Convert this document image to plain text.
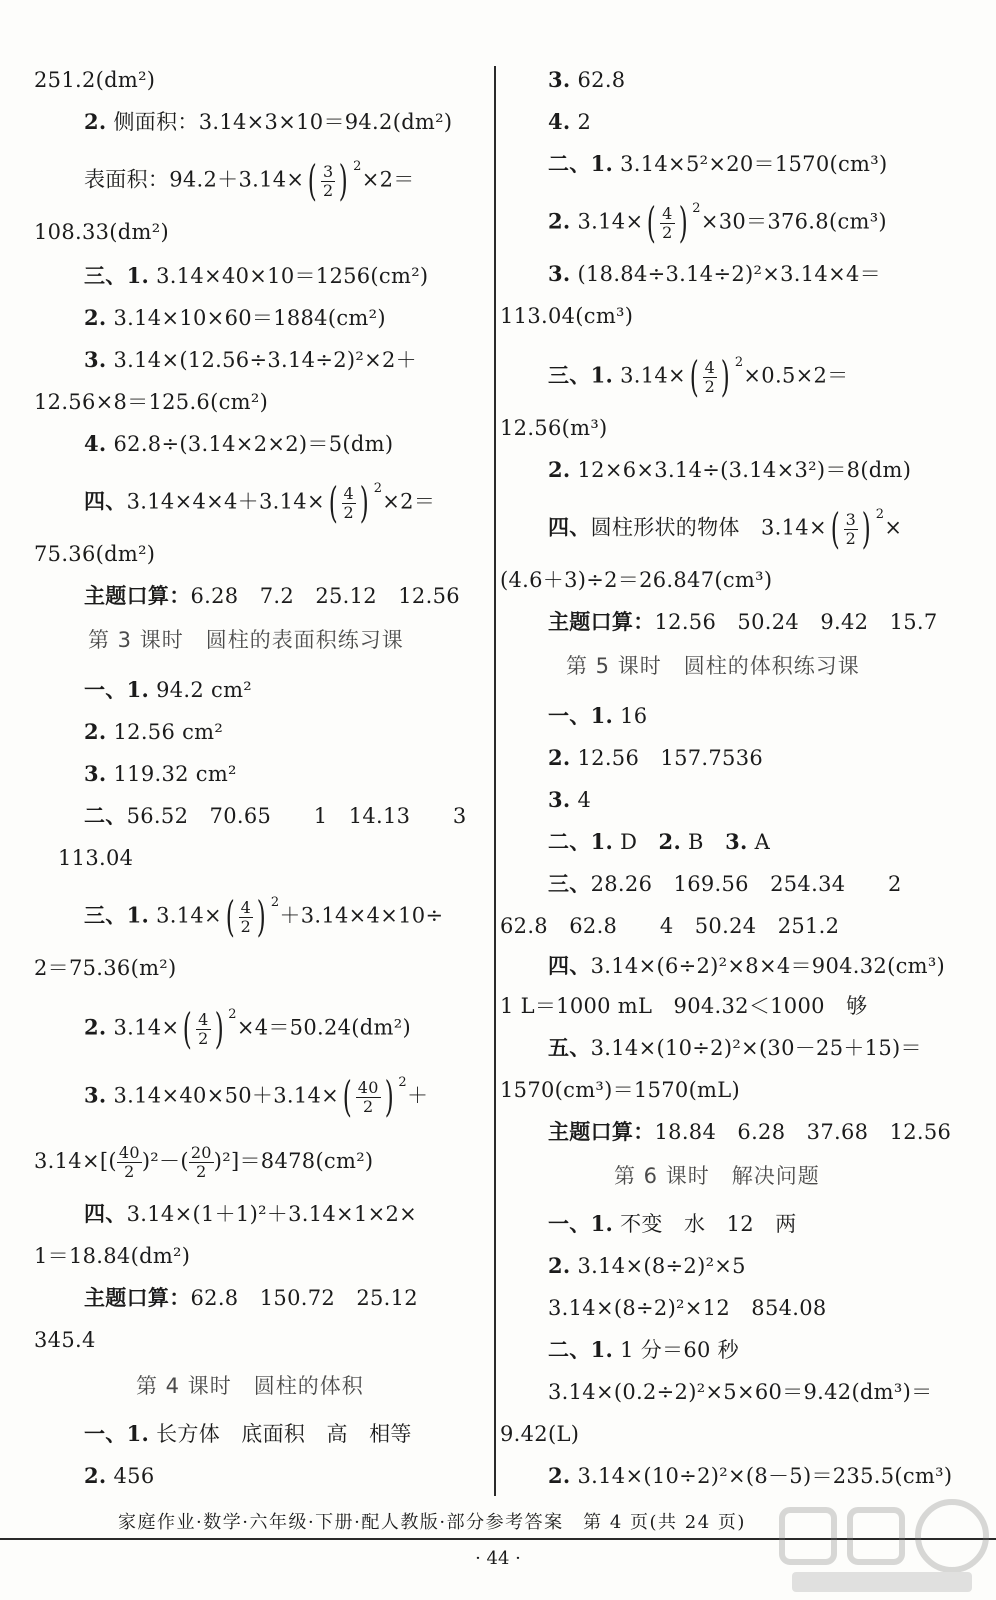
251.2(dm²)
2. 侧面积：3.14×3×10＝94.2(dm²)
表面积：94.2＋3.14× ( 3
2 ) $^2$
×2＝
108.33(dm²)
三、1. 3.14×40×10＝1256(cm²)
2. 3.14×10×60＝1884(cm²)
3. 3.14×(12.56÷3.14÷2)²×2＋
12.56×8＝125.6(cm²)
4. 62.8÷(3.14×2×2)＝5(dm)
四、3.14×4×4＋3.14× ( 4
2 ) $^2$
×2＝
75.36(dm²)
主题口算：6.28　7.2　25.12　12.56
第 3 课时　圆柱的表面积练习课
一、1. 94.2 cm²
2. 12.56 cm²
3. 119.32 cm²
二、56.52　70.65　　1　14.13　　3
113.04
三、1. 3.14× ( 4
2 ) $^2$
＋3.14×4×10÷
2＝75.36(m²)
2. 3.14× ( 4
2 ) $^2$
×4＝50.24(dm²)
3. 3.14×40×50＋3.14× ( 40
2 ) $^2$
＋
3.14×[( 40
2 )²－( 20
2 )²]＝8478(cm²)
四、3.14×(1＋1)²＋3.14×1×2×
1＝18.84(dm²)
主题口算：62.8　150.72　25.12
345.4
第 4 课时　圆柱的体积
一、1. 长方体　底面积　高　相等
2. 456
3. 62.8
4. 2
二、1. 3.14×5²×20＝1570(cm³)
2. 3.14× ( 4
2 ) $^2$
×30＝376.8(cm³)
3. (18.84÷3.14÷2)²×3.14×4＝
113.04(cm³)
三、1. 3.14× ( 4
2 ) $^2$
×0.5×2＝
12.56(m³)
2. 12×6×3.14÷(3.14×3²)＝8(dm)
四、圆柱形状的物体　3.14× ( 3
2 ) $^2$
×
(4.6＋3)÷2＝26.847(cm³)
主题口算：12.56　50.24　9.42　15.7
第 5 课时　圆柱的体积练习课
一、1. 16
2. 12.56　157.7536
3. 4
二、1. D　2. B　3. A
三、28.26　169.56　254.34　　2
62.8　62.8　　4　50.24　251.2
四、3.14×(6÷2)²×8×4＝904.32(cm³)
1 L＝1000 mL　904.32＜1000　够
五、3.14×(10÷2)²×(30－25＋15)＝
1570(cm³)＝1570(mL)
主题口算：18.84　6.28　37.68　12.56
第 6 课时　解决问题
一、1. 不变　水　12　两
2. 3.14×(8÷2)²×5
3.14×(8÷2)²×12　854.08
二、1. 1 分＝60 秒
3.14×(0.2÷2)²×5×60＝9.42(dm³)＝
9.42(L)
2. 3.14×(10÷2)²×(8－5)＝235.5(cm³)
家庭作业·数学·六年级·下册·配人教版·部分参考答案　第 4 页(共 24 页)
· 44 ·
